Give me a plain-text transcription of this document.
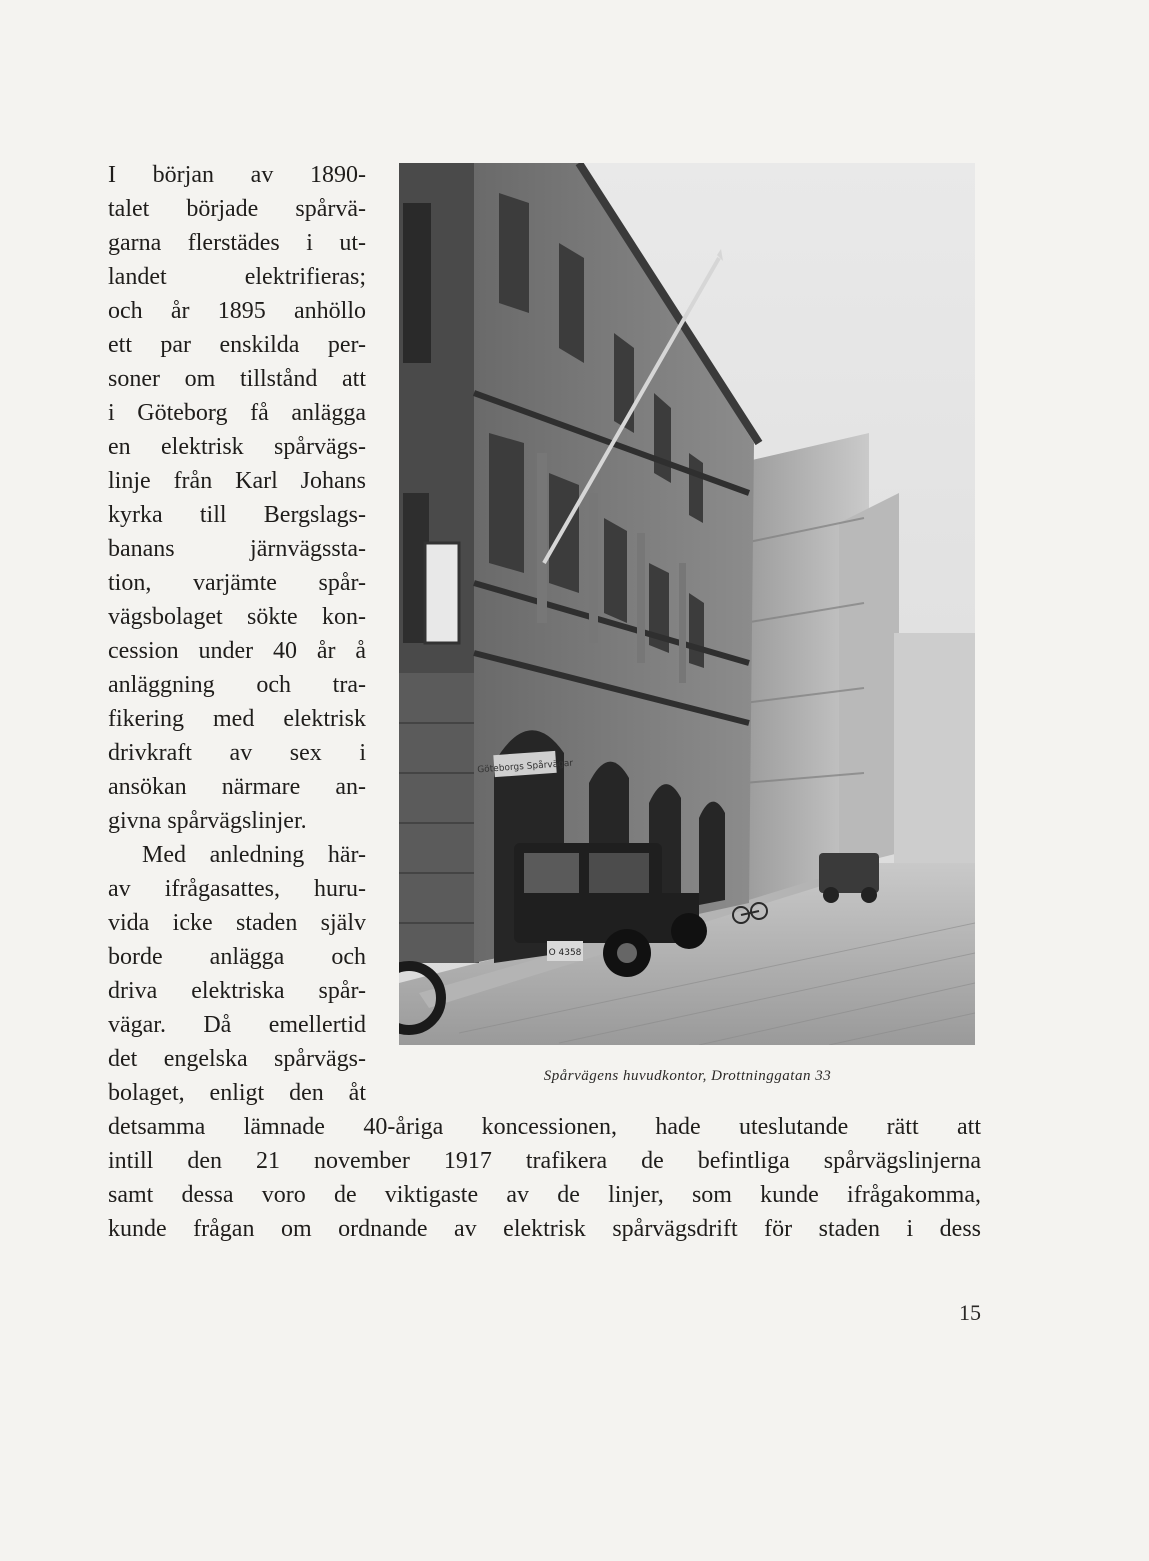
I början av 1890-
talet började spårvä-
garna flerstädes i ut-
landet elektrifieras;
och år 1895 anhöllo
ett par enskilda per-
soner om tillstånd att
i Göteborg få anlägga
en elektrisk spårvägs-
linje från Karl Johans
kyrka till Bergslags-
banans järnvägssta-
tion, varjämte spår-
vägsbolaget sökte kon-
cession under 40 år å
anläggning och tra-
fikering med elektrisk
drivkraft av sex i
ansökan närmare an-
givna spårvägslinjer.
Med anledning här-
av ifrågasattes, huru-
vida icke staden själv
borde anlägga och
driva elektriska spår-
vägar. Då emellertid
det engelska spårvägs-
bolaget, enligt den åt
detsamma lämnade 40-åriga koncessionen, hade uteslutande rätt att
intill den 21 november 1917 trafikera de befintliga spårvägslinjerna
samt dessa voro de viktigaste av de linjer, som kunde ifrågakomma,
kunde frågan om ordnande av elektrisk spårvägsdrift för staden i dess
Göteborgs Spårvägar
O 4358
Spårvägens huvudkontor, Drottninggatan 33
15
